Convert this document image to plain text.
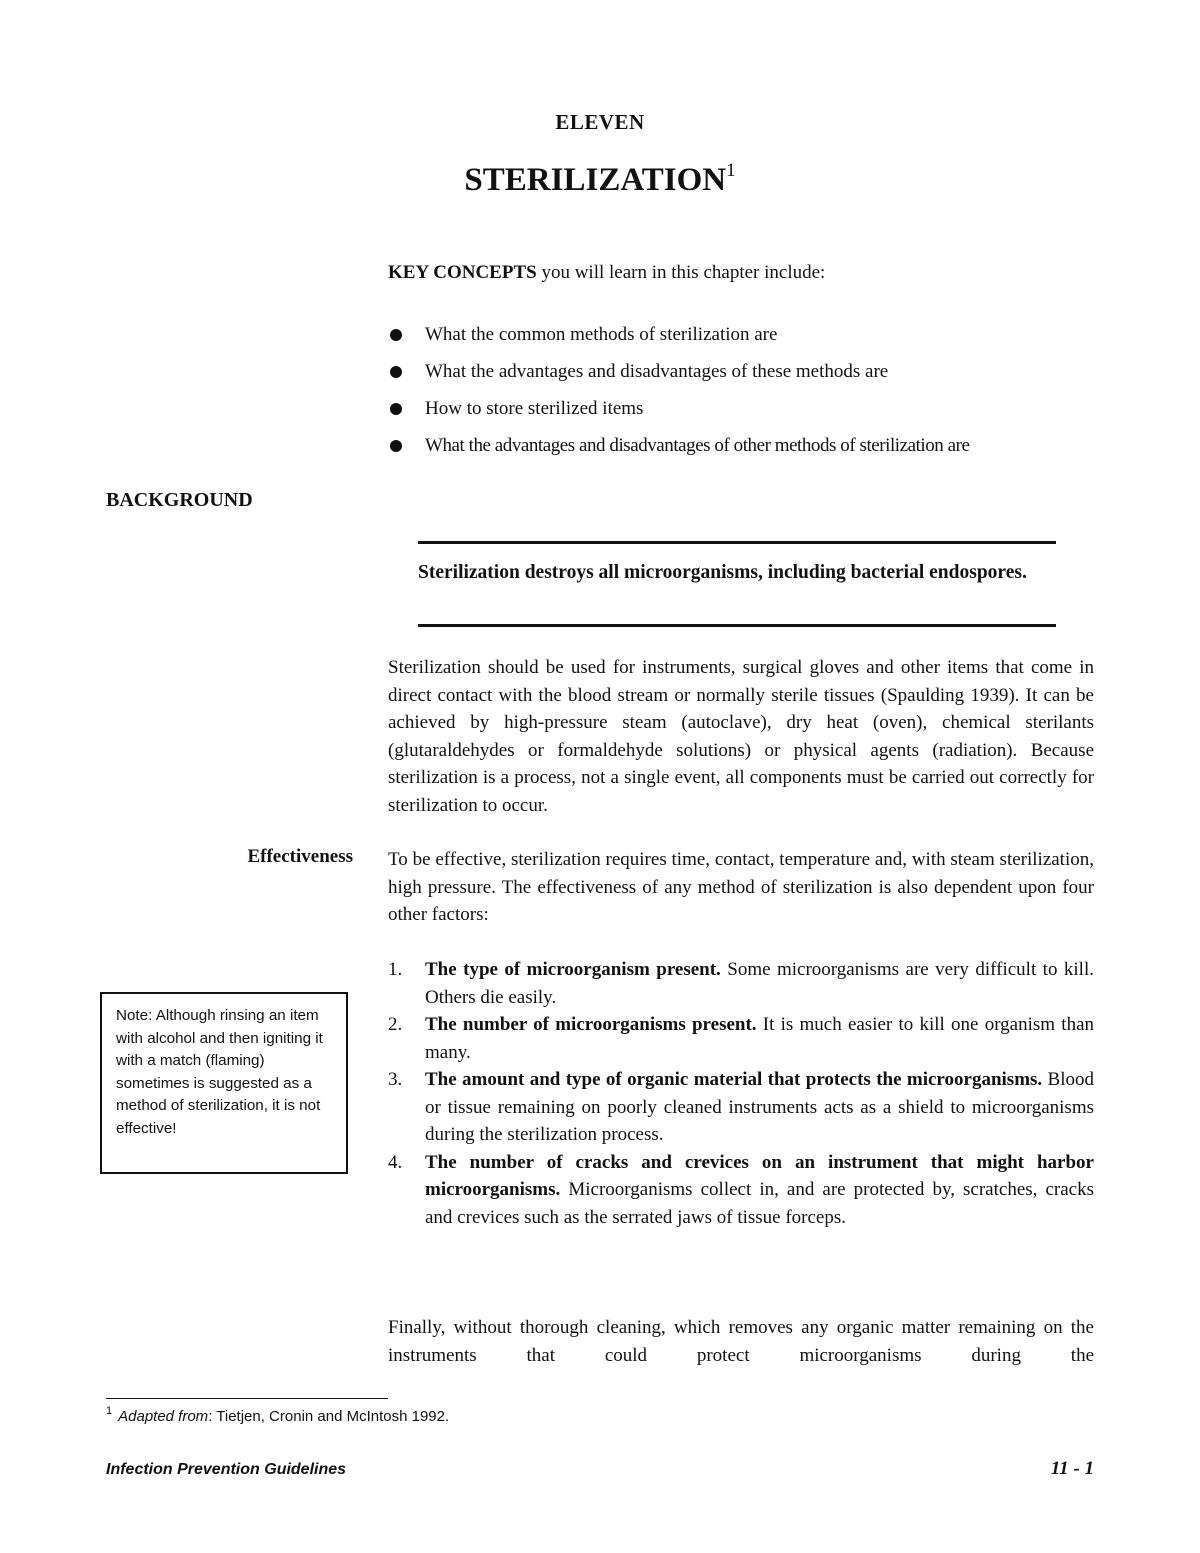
ELEVEN
STERILIZATION$^1$
KEY CONCEPTS you will learn in this chapter include:
What the common methods of sterilization are
What the advantages and disadvantages of these methods are
How to store sterilized items
What the advantages and disadvantages of other methods of sterilization are
BACKGROUND
Sterilization destroys all microorganisms, including bacterial endospores.
Sterilization should be used for instruments, surgical gloves and other items that come in direct contact with the blood stream or normally sterile tissues (Spaulding 1939). It can be achieved by high-pressure steam (autoclave), dry heat (oven), chemical sterilants (glutaraldehydes or formaldehyde solutions) or physical agents (radiation). Because sterilization is a process, not a single event, all components must be carried out correctly for sterilization to occur.
Effectiveness To be effective, sterilization requires time, contact, temperature and, with steam sterilization, high pressure. The effectiveness of any method of sterilization is also dependent upon four other factors:
1. The type of microorganism present. Some microorganisms are very difficult to kill. Others die easily.
2. The number of microorganisms present. It is much easier to kill one organism than many.
3. The amount and type of organic material that protects the microorganisms. Blood or tissue remaining on poorly cleaned instruments acts as a shield to microorganisms during the sterilization process.
4. The number of cracks and crevices on an instrument that might harbor microorganisms. Microorganisms collect in, and are protected by, scratches, cracks and crevices such as the serrated jaws of tissue forceps.
Finally, without thorough cleaning, which removes any organic matter remaining on the instruments that could protect microorganisms during the
Note: Although rinsing an item with alcohol and then igniting it with a match (flaming) sometimes is suggested as a method of sterilization, it is not effective!
$^1$ Adapted from: Tietjen, Cronin and McIntosh 1992.
Infection Prevention Guidelines	11 - 1
